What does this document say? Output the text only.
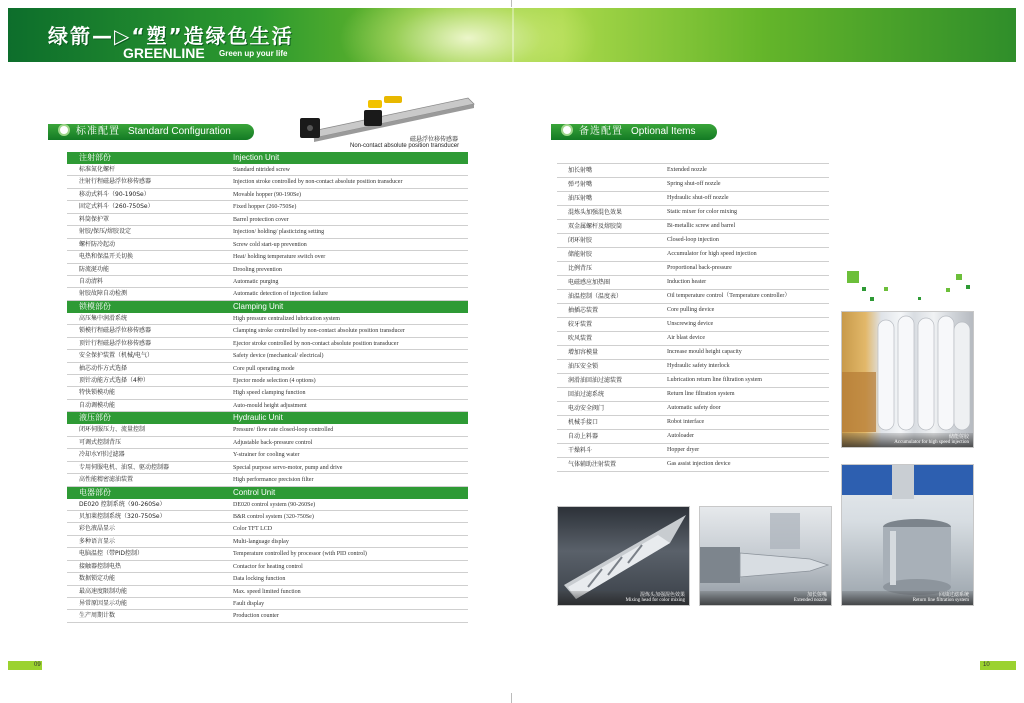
绿箭—▷“塑”造绿色生活
GREENLINE Green up your life
标准配置 Standard Configuration
磁悬浮位移传感器
Non-contact absolute position transducer
注射部份	Injection Unit
标准氮化螺杆	Standard nitrided screw
注射行程磁悬浮位移传感器	Injection stroke controlled by non-contact absolute position transducer
移动式料斗（90-190Se）	Movable hopper (90-190Se)
固定式料斗（260-750Se）	Fixed hopper (260-750Se)
料筒保护罩	Barrel protection cover
射胶/保压/熔胶设定	Injection/ holding/ plasticizing setting
螺杆防冷起动	Screw cold start-up prevention
电热和保温开关切换	Heat/ holding temperature switch over
防流涎功能	Drooling prevention
自动清料	Automatic purging
射胶故障自动检测	Automatic detection of injection failure
锁模部份	Clamping Unit
高压集中润滑系统	High pressure centralized lubrication system
锁模行程磁悬浮位移传感器	Clamping stroke controlled by non-contact absolute position transducer
顶针行程磁悬浮位移传感器	Ejector stroke controlled by non-contact absolute position transducer
安全保护装置（机械/电气）	Safety device (mechanical/ electrical)
抽芯动作方式选择	Core pull operating mode
顶针动能方式选择（4种）	Ejector mode selection (4 options)
特快锁模功能	High speed clamping function
自动调模功能	Auto-mould height adjustment
液压部份	Hydraulic Unit
闭环伺服压力、流量控制	Pressure/ flow rate closed-loop controlled
可调式控制背压	Adjustable back-pressure control
冷却水Y形过滤器	Y-strainer for cooling water
专用伺服电机、油泵、驱动控制器	Special purpose servo-motor, pump and drive
高性能精密滤油装置	High performance precision filter
电器部份	Control Unit
DE020 控制系统（90-260Se）	DE020 control system (90-260Se)
贝加莱控制系统（320-750Se）	B&R control system (320-750Se)
彩色液晶显示	Color TFT LCD
多种语言显示	Multi-language display
电脑温控（带PID控制）	Temperature controlled by processor (with PID control)
接触器控制电热	Contactor for heating control
数据锁定功能	Data locking function
最高速度限制功能	Max. speed limited function
异常原因显示功能	Fault display
生产周期计数	Production counter
备选配置 Optional Items
加长射嘴	Extended nozzle
弹弓射嘴	Spring shut-off nozzle
油压射嘴	Hydraulic shut-off nozzle
混炼头加强混色效果	Static mixer for color mixing
双金属螺杆及熔胶筒	Bi-metallic screw and barrel
闭环射胶	Closed-loop injection
储能射胶	Accumulator for high speed injection
比例背压	Proportional back-pressure
电磁感应加热圈	Induction heater
油温控制（温度表）	Oil temperature control（Temperature controller）
抽插芯装置	Core pulling device
较牙装置	Unscrewing device
吹风装置	Air blast device
增加容模量	Increase mould height capacity
油压安全锁	Hydraulic safety interlock
润滑油回油过滤装置	Lubrication return line filtration system
回油过滤系统	Return line filtration system
电动安全阀门	Automatic safety door
机械手接口	Robot interface
自动上料器	Autoloader
干燥料斗	Hopper dryer
气体辅助注射装置	Gas assist injection device
储能射胶
Accumulator for high speed injection
回油过滤系统
Return line filtration system
混炼头加强混色效果
Mixing head for color mixing
加长射嘴
Extended nozzle
09	10
